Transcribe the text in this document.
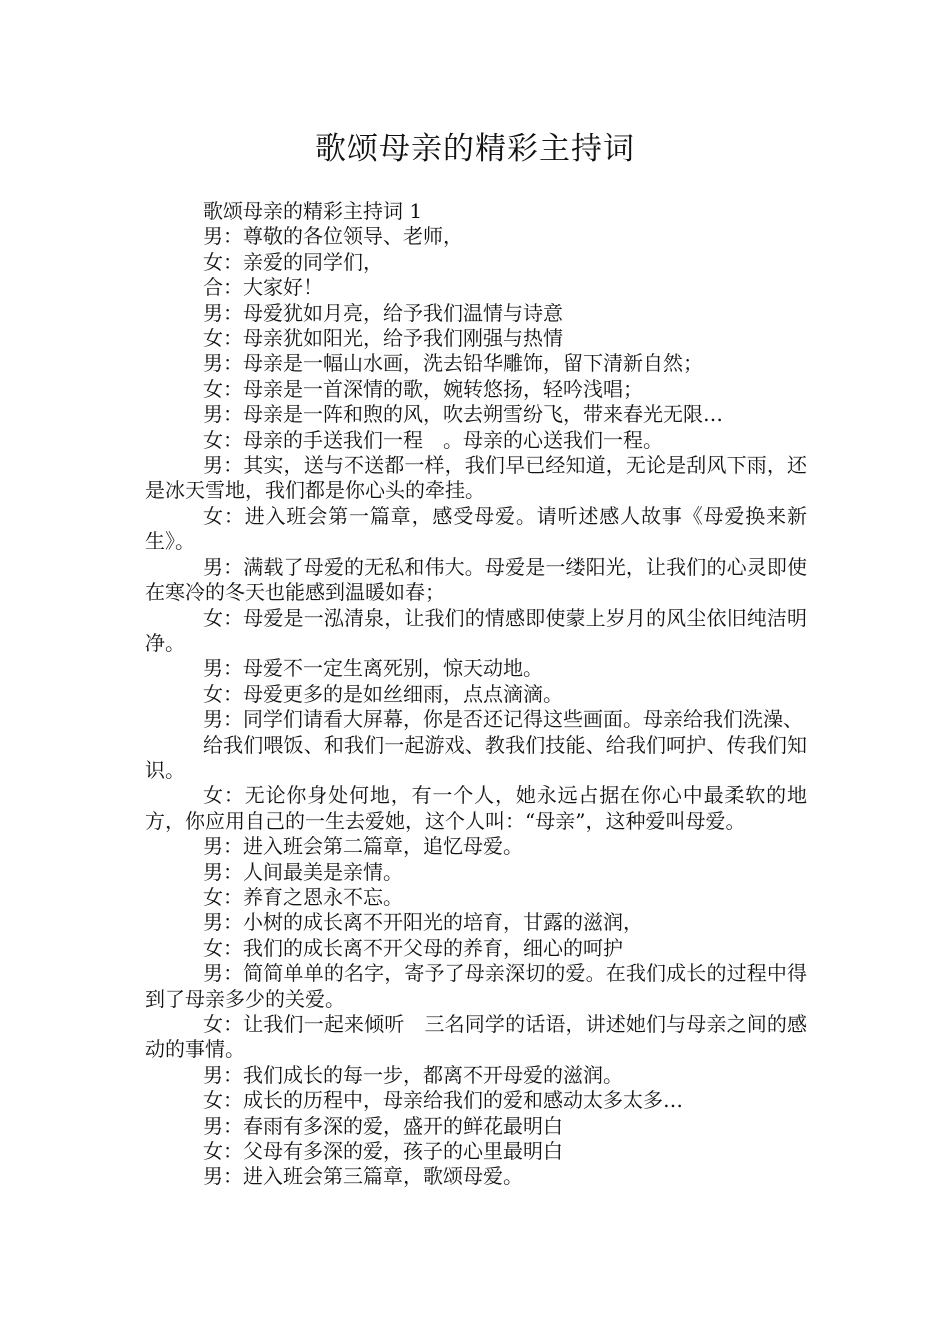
歌颂母亲的精彩主持词

歌颂母亲的精彩主持词 1

男：尊敬的各位领导、老师，

女：亲爱的同学们，

合：大家好！

男：母爱犹如月亮，给予我们温情与诗意

女：母亲犹如阳光，给予我们刚强与热情

男：母亲是一幅山水画，洗去铅华雕饰，留下清新自然；

女：母亲是一首深情的歌，婉转悠扬，轻吟浅唱；

男：母亲是一阵和煦的风，吹去朔雪纷飞，带来春光无限…

女：母亲的手送我们一程　。母亲的心送我们一程。

男：其实，送与不送都一样，我们早已经知道，无论是刮风下雨，还是冰天雪地，我们都是你心头的牵挂。

女：进入班会第一篇章，感受母爱。请听述感人故事《母爱换来新生》。

男：满载了母爱的无私和伟大。母爱是一缕阳光，让我们的心灵即使在寒冷的冬天也能感到温暖如春；

女：母爱是一泓清泉，让我们的情感即使蒙上岁月的风尘依旧纯洁明净。

男：母爱不一定生离死别，惊天动地。

女：母爱更多的是如丝细雨，点点滴滴。

男：同学们请看大屏幕，你是否还记得这些画面。母亲给我们洗澡、

给我们喂饭、和我们一起游戏、教我们技能、给我们呵护、传我们知识。

女：无论你身处何地，有一个人，她永远占据在你心中最柔软的地方，你应用自己的一生去爱她，这个人叫：“母亲”，这种爱叫母爱。

男：进入班会第二篇章，追忆母爱。

男：人间最美是亲情。

女：养育之恩永不忘。

男：小树的成长离不开阳光的培育，甘露的滋润，

女：我们的成长离不开父母的养育，细心的呵护

男：简简单单的名字，寄予了母亲深切的爱。在我们成长的过程中得到了母亲多少的关爱。

女：让我们一起来倾听　三名同学的话语，讲述她们与母亲之间的感动的事情。

男：我们成长的每一步，都离不开母爱的滋润。

女：成长的历程中，母亲给我们的爱和感动太多太多…

男：春雨有多深的爱，盛开的鲜花最明白

女：父母有多深的爱，孩子的心里最明白

男：进入班会第三篇章，歌颂母爱。
